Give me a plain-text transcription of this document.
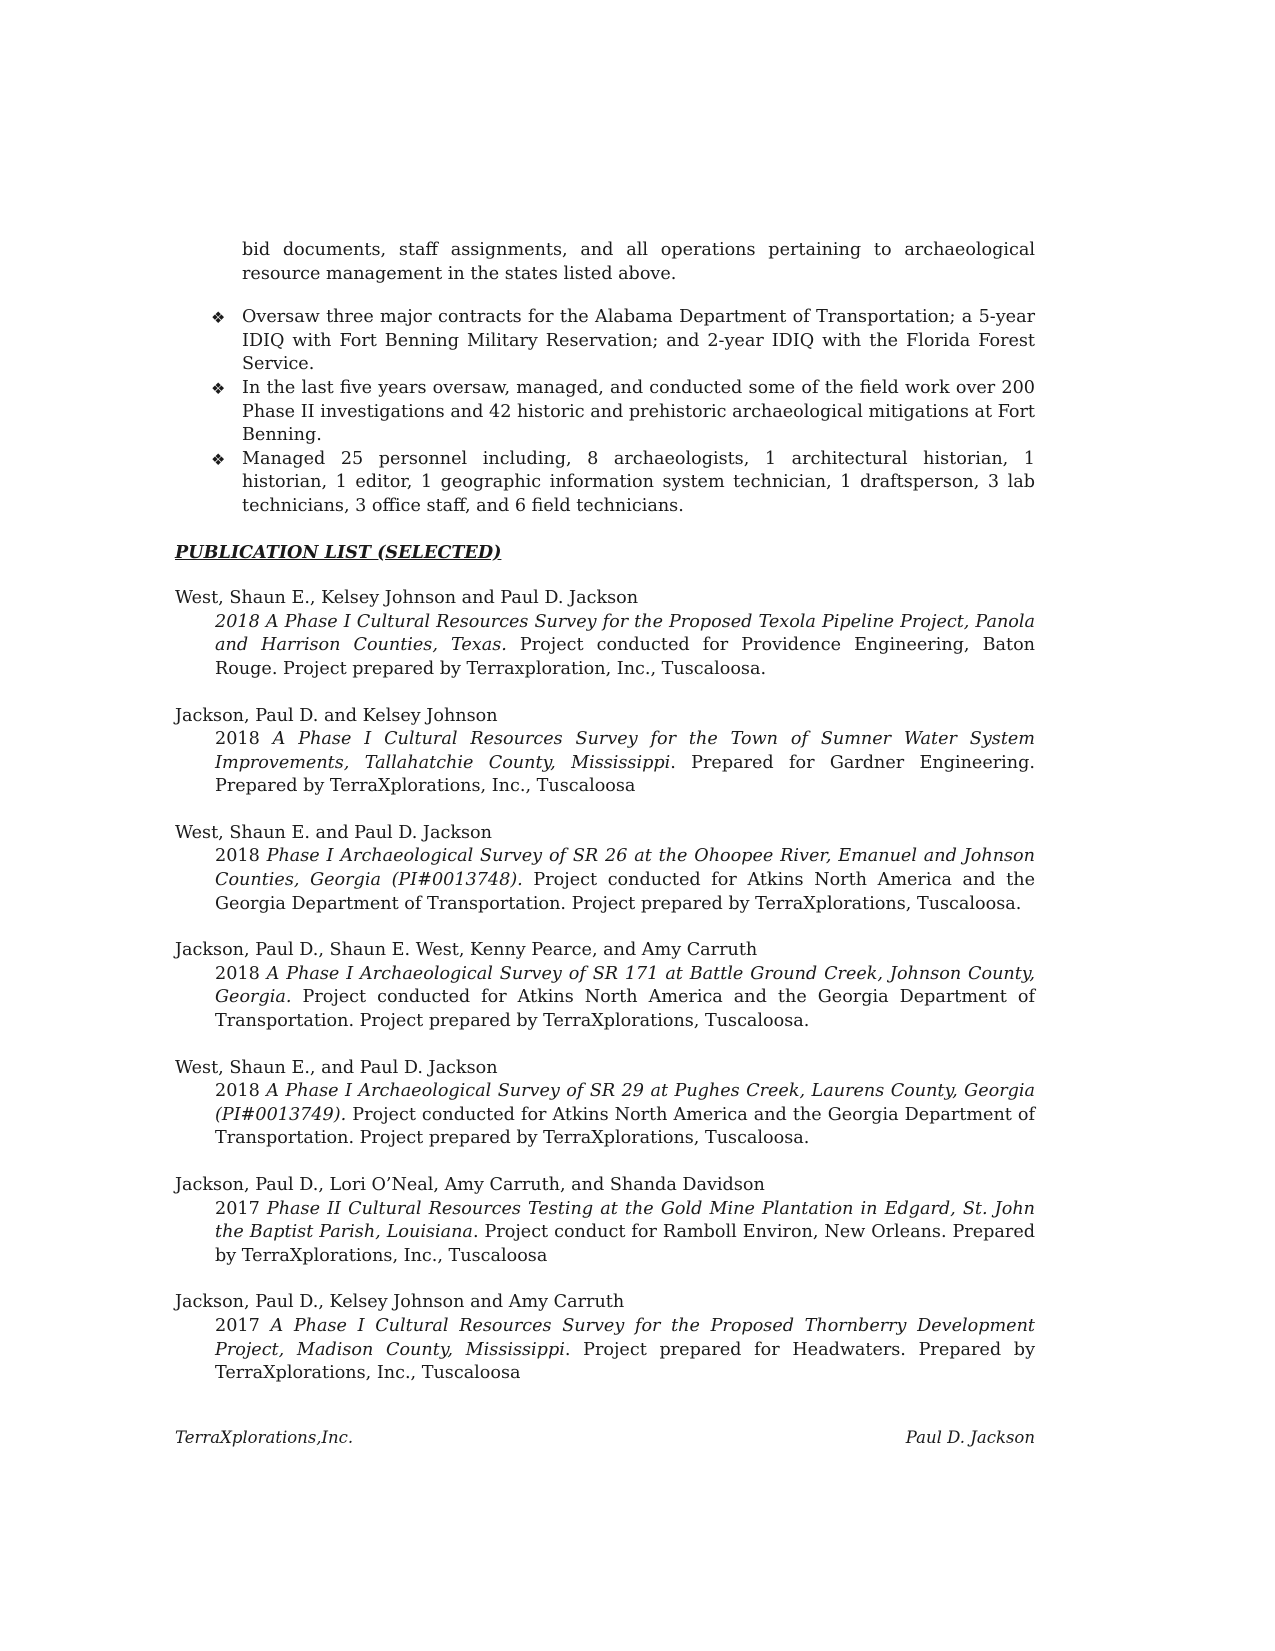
bid documents, staff assignments, and all operations pertaining to archaeological resource management in the states listed above.

❖ Oversaw three major contracts for the Alabama Department of Transportation; a 5-year IDIQ with Fort Benning Military Reservation; and 2-year IDIQ with the Florida Forest Service.
❖ In the last five years oversaw, managed, and conducted some of the field work over 200 Phase II investigations and 42 historic and prehistoric archaeological mitigations at Fort Benning.
❖ Managed 25 personnel including, 8 archaeologists, 1 architectural historian, 1 historian, 1 editor, 1 geographic information system technician, 1 draftsperson, 3 lab technicians, 3 office staff, and 6 field technicians.

PUBLICATION LIST (SELECTED)

West, Shaun E., Kelsey Johnson and Paul D. Jackson

2018 A Phase I Cultural Resources Survey for the Proposed Texola Pipeline Project, Panola and Harrison Counties, Texas. Project conducted for Providence Engineering, Baton Rouge. Project prepared by Terraxploration, Inc., Tuscaloosa.

Jackson, Paul D. and Kelsey Johnson

2018 A Phase I Cultural Resources Survey for the Town of Sumner Water System Improvements, Tallahatchie County, Mississippi. Prepared for Gardner Engineering. Prepared by TerraXplorations, Inc., Tuscaloosa

West, Shaun E. and Paul D. Jackson

2018 Phase I Archaeological Survey of SR 26 at the Ohoopee River, Emanuel and Johnson Counties, Georgia (PI#0013748). Project conducted for Atkins North America and the Georgia Department of Transportation. Project prepared by TerraXplorations, Tuscaloosa.

Jackson, Paul D., Shaun E. West, Kenny Pearce, and Amy Carruth

2018 A Phase I Archaeological Survey of SR 171 at Battle Ground Creek, Johnson County, Georgia. Project conducted for Atkins North America and the Georgia Department of Transportation. Project prepared by TerraXplorations, Tuscaloosa.

West, Shaun E., and Paul D. Jackson

2018 A Phase I Archaeological Survey of SR 29 at Pughes Creek, Laurens County, Georgia (PI#0013749). Project conducted for Atkins North America and the Georgia Department of Transportation. Project prepared by TerraXplorations, Tuscaloosa.

Jackson, Paul D., Lori O’Neal, Amy Carruth, and Shanda Davidson

2017 Phase II Cultural Resources Testing at the Gold Mine Plantation in Edgard, St. John the Baptist Parish, Louisiana. Project conduct for Ramboll Environ, New Orleans. Prepared by TerraXplorations, Inc., Tuscaloosa

Jackson, Paul D., Kelsey Johnson and Amy Carruth

2017 A Phase I Cultural Resources Survey for the Proposed Thornberry Development Project, Madison County, Mississippi. Project prepared for Headwaters. Prepared by TerraXplorations, Inc., Tuscaloosa

TerraXplorations,Inc.	Paul D. Jackson
